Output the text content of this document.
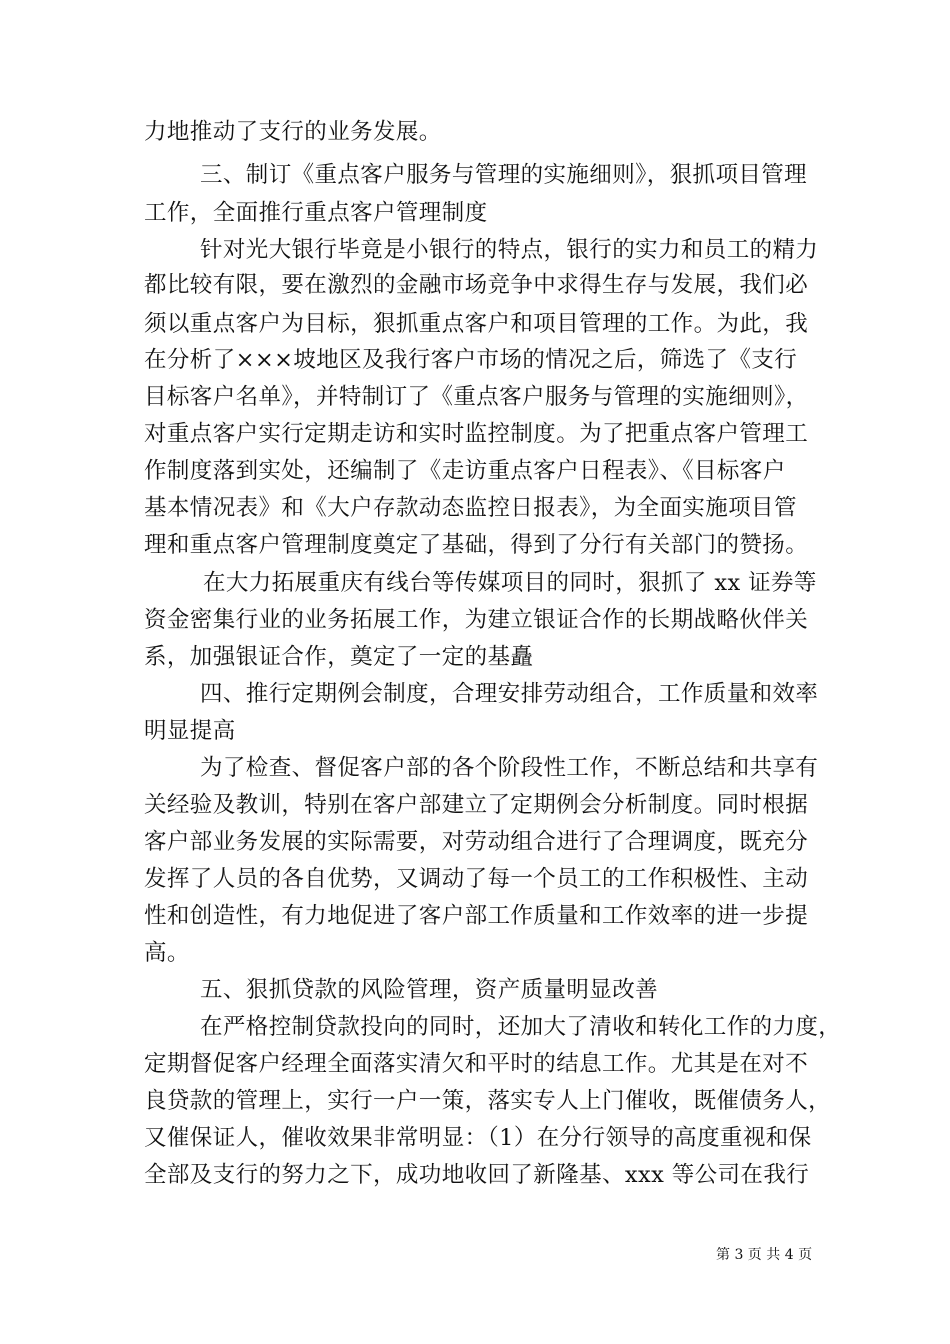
力地推动了支行的业务发展。
三、制订《重点客户服务与管理的实施细则》，狠抓项目管理
工作，全面推行重点客户管理制度
针对光大银行毕竟是小银行的特点，银行的实力和员工的精力
都比较有限，要在激烈的金融市场竞争中求得生存与发展，我们必
须以重点客户为目标，狠抓重点客户和项目管理的工作。为此，我
在分析了×××坡地区及我行客户市场的情况之后，筛选了《支行
目标客户名单》，并特制订了《重点客户服务与管理的实施细则》，
对重点客户实行定期走访和实时监控制度。为了把重点客户管理工
作制度落到实处，还编制了《走访重点客户日程表》、《目标客户
基本情况表》和《大户存款动态监控日报表》，为全面实施项目管
理和重点客户管理制度奠定了基础，得到了分行有关部门的赞扬。
在大力拓展重庆有线台等传媒项目的同时，狠抓了 xx 证券等
资金密集行业的业务拓展工作，为建立银证合作的长期战略伙伴关
系，加强银证合作，奠定了一定的基矗
四、推行定期例会制度，合理安排劳动组合，工作质量和效率
明显提高
为了检查、督促客户部的各个阶段性工作，不断总结和共享有
关经验及教训，特别在客户部建立了定期例会分析制度。同时根据
客户部业务发展的实际需要，对劳动组合进行了合理调度，既充分
发挥了人员的各自优势，又调动了每一个员工的工作积极性、主动
性和创造性，有力地促进了客户部工作质量和工作效率的进一步提
高。
五、狠抓贷款的风险管理，资产质量明显改善
在严格控制贷款投向的同时，还加大了清收和转化工作的力度，
定期督促客户经理全面落实清欠和平时的结息工作。尤其是在对不
良贷款的管理上，实行一户一策，落实专人上门催收，既催债务人，
又催保证人，催收效果非常明显：（1）在分行领导的高度重视和保
全部及支行的努力之下，成功地收回了新隆基、xxx 等公司在我行
第 3 页 共 4 页
